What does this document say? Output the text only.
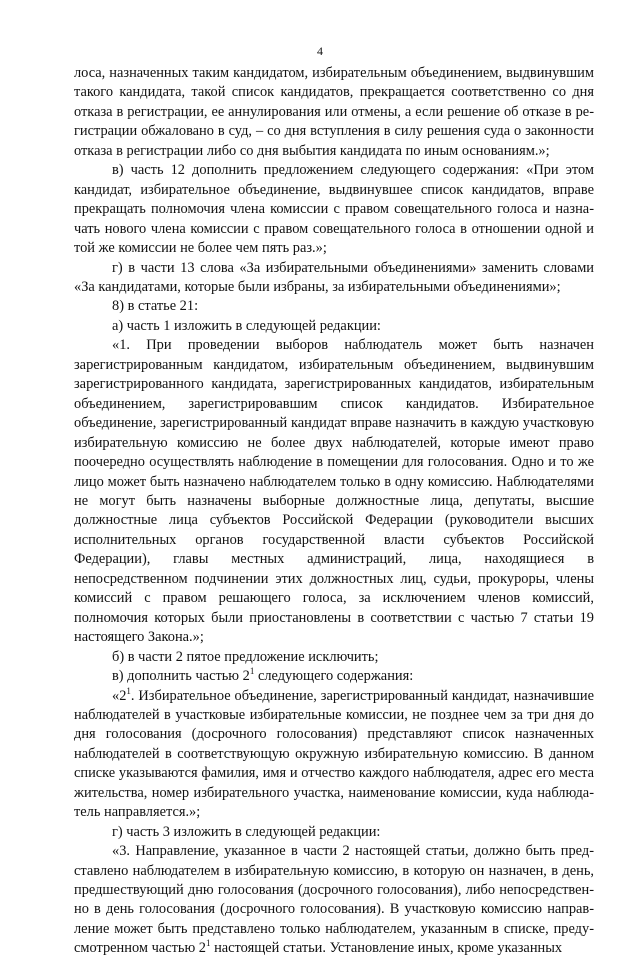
4

лоса, назначенных таким кандидатом, избирательным объединением, выдвинувшим такого кандидата, такой список кандидатов, прекращается соответственно со дня отказа в регистрации, ее аннулирования или отмены, а если решение об отказе в регистрации обжаловано в суд, – со дня вступления в силу решения суда о законности отказа в регистрации либо со дня выбытия кандидата по иным основаниям.»;

в) часть 12 дополнить предложением следующего содержания: «При этом кандидат, избирательное объединение, выдвинувшее список кандидатов, вправе прекращать полномочия члена комиссии с правом совещательного голоса и назначать нового члена комиссии с правом совещательного голоса в отношении одной и той же комиссии не более чем пять раз.»;

г) в части 13 слова «За избирательными объединениями» заменить словами «За кандидатами, которые были избраны, за избирательными объединениями»;

8) в статье 21:

а) часть 1 изложить в следующей редакции:

«1. При проведении выборов наблюдатель может быть назначен зарегистрированным кандидатом, избирательным объединением, выдвинувшим зарегистрированного кандидата, зарегистрированных кандидатов, избирательным объединением, зарегистрировавшим список кандидатов. Избирательное объединение, зарегистрированный кандидат вправе назначить в каждую участковую избирательную комиссию не более двух наблюдателей, которые имеют право поочередно осуществлять наблюдение в помещении для голосования. Одно и то же лицо может быть назначено наблюдателем только в одну комиссию. Наблюдателями не могут быть назначены выборные должностные лица, депутаты, высшие должностные лица субъектов Российской Федерации (руководители высших исполнительных органов государственной власти субъектов Российской Федерации), главы местных администраций, лица, находящиеся в непосредственном подчинении этих должностных лиц, судьи, прокуроры, члены комиссий с правом решающего голоса, за исключением членов комиссий, полномочия которых были приостановлены в соответствии с частью 7 статьи 19 настоящего Закона.»;

б) в части 2 пятое предложение исключить;

в) дополнить частью $2^1$ следующего содержания:

«$2^1$. Избирательное объединение, зарегистрированный кандидат, назначившие наблюдателей в участковые избирательные комиссии, не позднее чем за три дня до дня голосования (досрочного голосования) представляют список назначенных наблюдателей в соответствующую окружную избирательную комиссию. В данном списке указываются фамилия, имя и отчество каждого наблюдателя, адрес его места жительства, номер избирательного участка, наименование комиссии, куда наблюдатель направляется.»;

г) часть 3 изложить в следующей редакции:

«3. Направление, указанное в части 2 настоящей статьи, должно быть представлено наблюдателем в избирательную комиссию, в которую он назначен, в день, предшествующий дню голосования (досрочного голосования), либо непосредственно в день голосования (досрочного голосования). В участковую комиссию направление может быть представлено только наблюдателем, указанным в списке, предусмотренном частью $2^1$ настоящей статьи. Установление иных, кроме указанных
